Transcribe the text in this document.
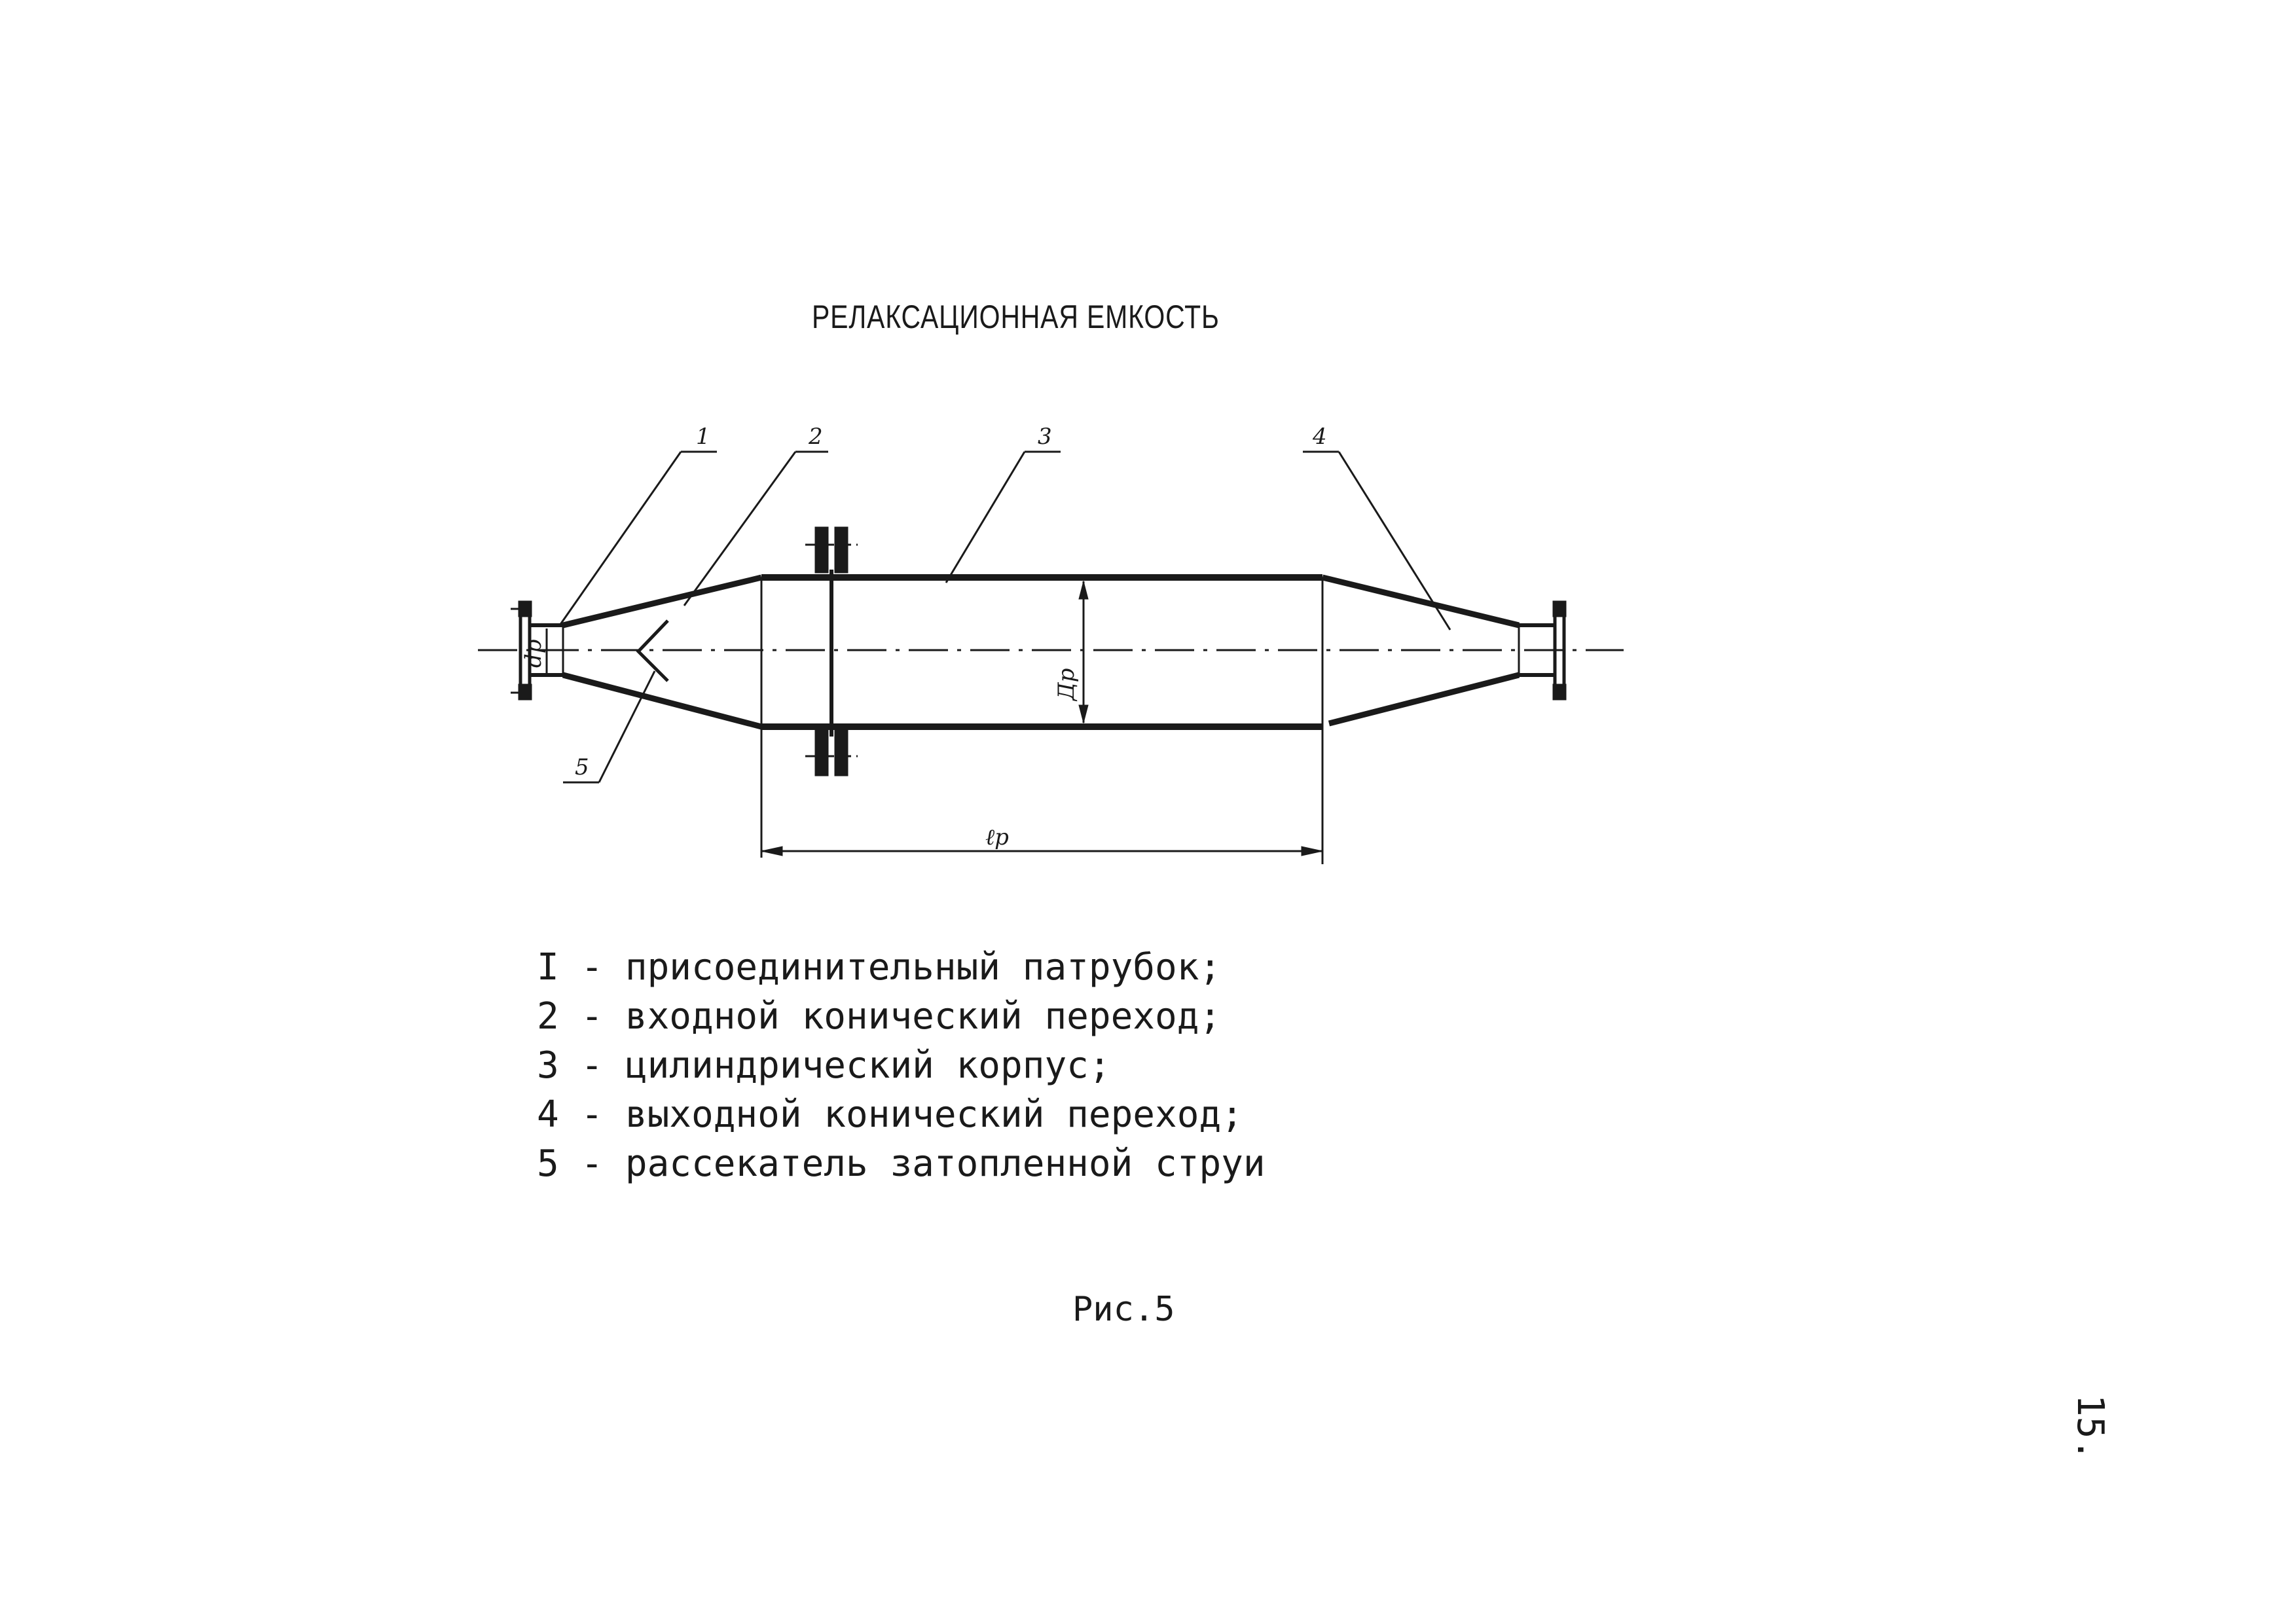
РЕЛАКСАЦИОННАЯ ЕМКОСТЬ
1	2	3	4
5
ℓp
Дp
dр
I - присоединительный патрубок;
2 - входной конический переход;
3 - цилиндрический корпус;
4 - выходной конический переход;
5 - рассекатель затопленной струи
Рис.5
15.
